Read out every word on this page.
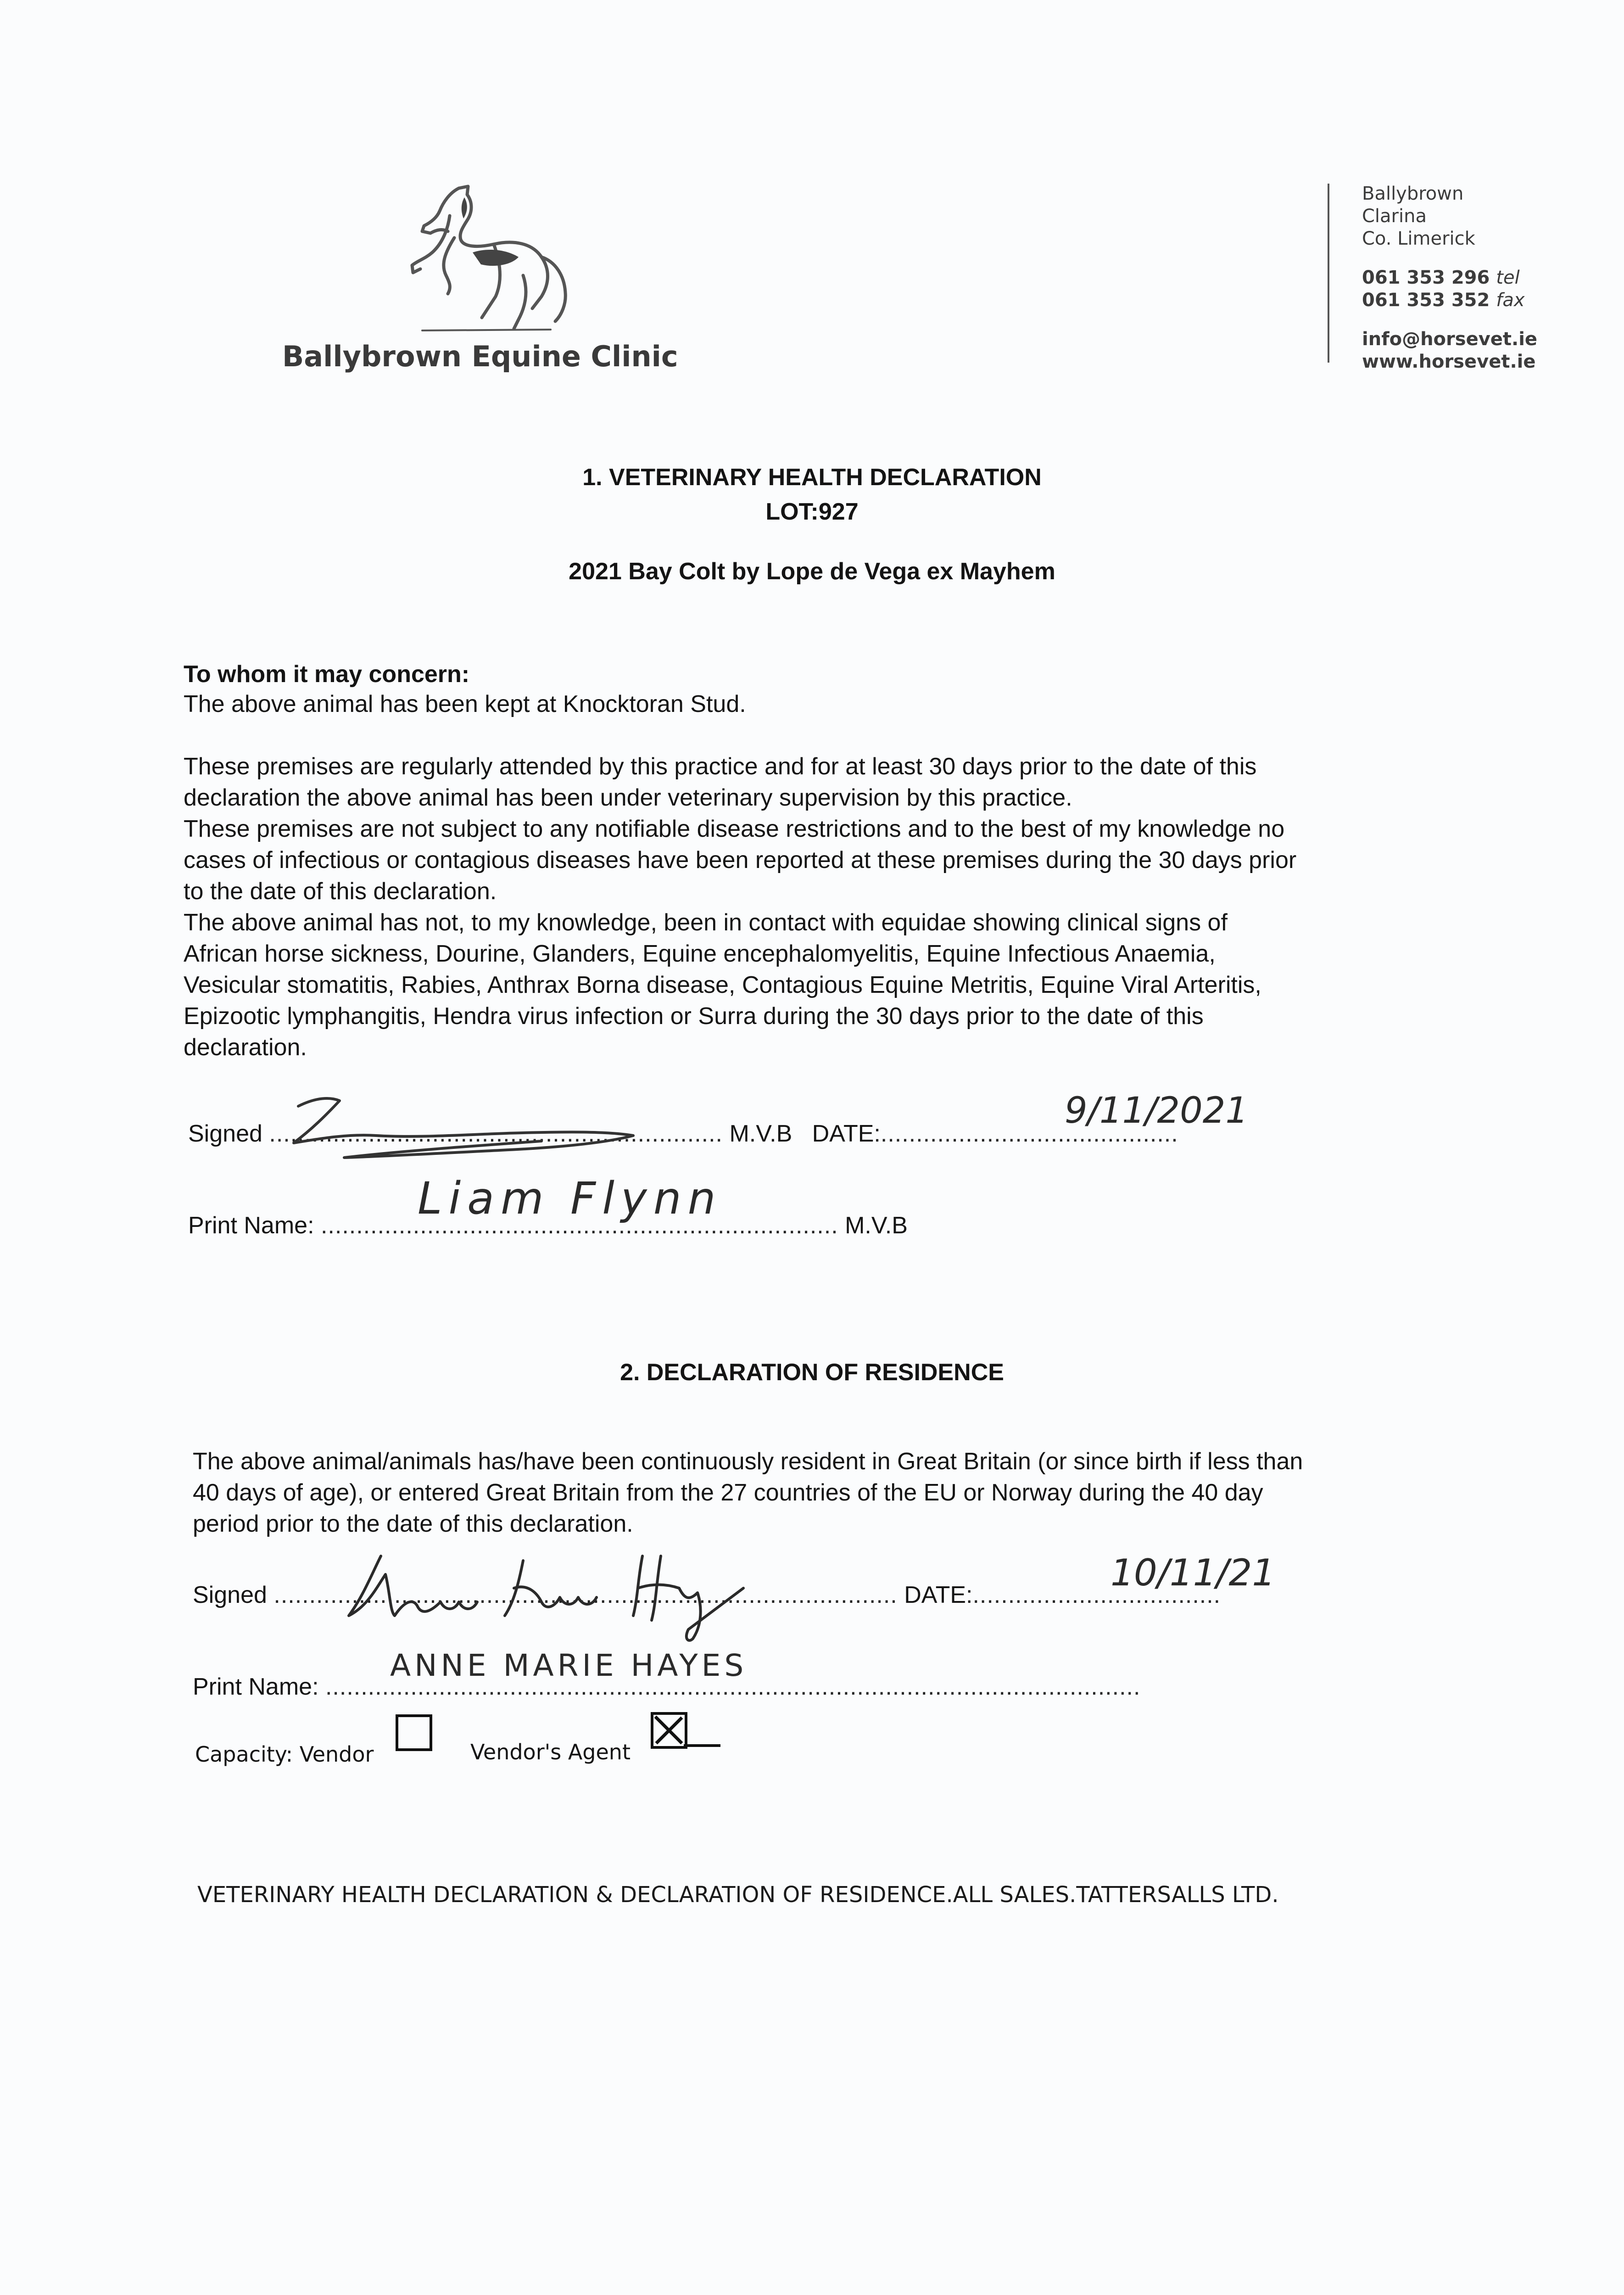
Ballybrown Equine Clinic
Ballybrown
Clarina
Co. Limerick
061 353 296 tel
061 353 352 fax
info@horsevet.ie
www.horsevet.ie
1. VETERINARY HEALTH DECLARATION
LOT:927
2021 Bay Colt by Lope de Vega ex Mayhem
To whom it may concern:
The above animal has been kept at Knocktoran Stud.
These premises are regularly attended by this practice and for at least 30 days prior to the date of this
declaration the above animal has been under veterinary supervision by this practice.
These premises are not subject to any notifiable disease restrictions and to the best of my knowledge no
cases of infectious or contagious diseases have been reported at these premises during the 30 days prior
to the date of this declaration.
The above animal has not, to my knowledge, been in contact with equidae showing clinical signs of
African horse sickness, Dourine, Glanders, Equine encephalomyelitis, Equine Infectious Anaemia,
Vesicular stomatitis, Rabies, Anthrax Borna disease, Contagious Equine Metritis, Equine Viral Arteritis,
Epizootic lymphangitis, Hendra virus infection or Surra during the 30 days prior to the date of this
declaration.
Signed ................................................................ M.V.B DATE:..........................................
9/11/2021
Print Name: ......................................................................... M.V.B
Liam Flynn
2. DECLARATION OF RESIDENCE
The above animal/animals has/have been continuously resident in Great Britain (or since birth if less than
40 days of age), or entered Great Britain from the 27 countries of the EU or Norway during the 40 day
period prior to the date of this declaration.
Signed ........................................................................................ DATE:...................................
10/11/21
Print Name: ...................................................................................................................
ANNE MARIE HAYES
Capacity: Vendor	Vendor's Agent
VETERINARY HEALTH DECLARATION & DECLARATION OF RESIDENCE.ALL SALES.TATTERSALLS LTD.
